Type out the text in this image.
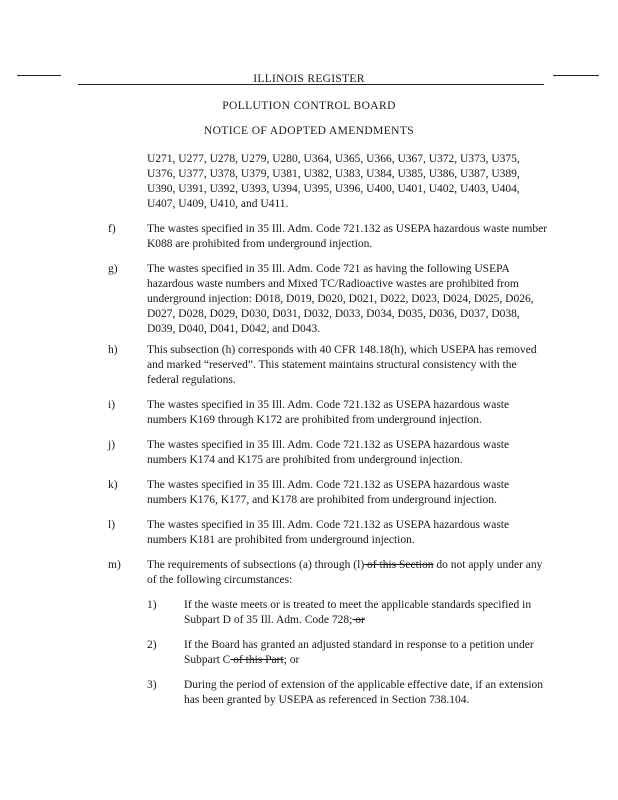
ILLINOIS REGISTER
POLLUTION CONTROL BOARD
NOTICE OF ADOPTED AMENDMENTS
U271, U277, U278, U279, U280, U364, U365, U366, U367, U372, U373, U375, U376, U377, U378, U379, U381, U382, U383, U384, U385, U386, U387, U389, U390, U391, U392, U393, U394, U395, U396, U400, U401, U402, U403, U404, U407, U409, U410, and U411.
f)	The wastes specified in 35 Ill. Adm. Code 721.132 as USEPA hazardous waste number K088 are prohibited from underground injection.
g)	The wastes specified in 35 Ill. Adm. Code 721 as having the following USEPA hazardous waste numbers and Mixed TC/Radioactive wastes are prohibited from underground injection: D018, D019, D020, D021, D022, D023, D024, D025, D026, D027, D028, D029, D030, D031, D032, D033, D034, D035, D036, D037, D038, D039, D040, D041, D042, and D043.
h)	This subsection (h) corresponds with 40 CFR 148.18(h), which USEPA has removed and marked “reserved”. This statement maintains structural consistency with the federal regulations.
i)	The wastes specified in 35 Ill. Adm. Code 721.132 as USEPA hazardous waste numbers K169 through K172 are prohibited from underground injection.
j)	The wastes specified in 35 Ill. Adm. Code 721.132 as USEPA hazardous waste numbers K174 and K175 are prohibited from underground injection.
k)	The wastes specified in 35 Ill. Adm. Code 721.132 as USEPA hazardous waste numbers K176, K177, and K178 are prohibited from underground injection.
l)	The wastes specified in 35 Ill. Adm. Code 721.132 as USEPA hazardous waste numbers K181 are prohibited from underground injection.
m) The requirements of subsections (a) through (l) of this Section do not apply under any of the following circumstances:
1) If the waste meets or is treated to meet the applicable standards specified in Subpart D of 35 Ill. Adm. Code 728; or
2) If the Board has granted an adjusted standard in response to a petition under Subpart C of this Part; or
3) During the period of extension of the applicable effective date, if an extension has been granted by USEPA as referenced in Section 738.104.
